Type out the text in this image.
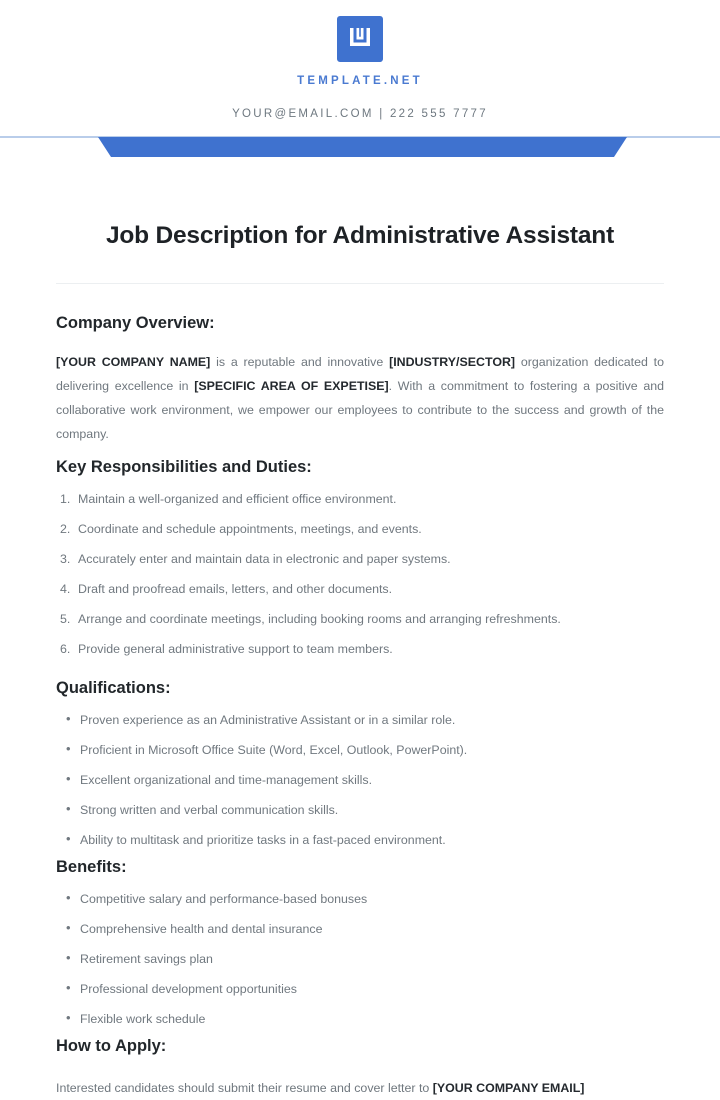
TEMPLATE.NET
YOUR@EMAIL.COM | 222 555 7777
Job Description for Administrative Assistant
Company Overview:

[YOUR COMPANY NAME] is a reputable and innovative [INDUSTRY/SECTOR] organization dedicated to delivering excellence in [SPECIFIC AREA OF EXPETISE]. With a commitment to fostering a positive and collaborative work environment, we empower our employees to contribute to the success and growth of the company.

Key Responsibilities and Duties:
Maintain a well-organized and efficient office environment.
Coordinate and schedule appointments, meetings, and events.
Accurately enter and maintain data in electronic and paper systems.
Draft and proofread emails, letters, and other documents.
Arrange and coordinate meetings, including booking rooms and arranging refreshments.
Provide general administrative support to team members.
Qualifications:
• Proven experience as an Administrative Assistant or in a similar role.
• Proficient in Microsoft Office Suite (Word, Excel, Outlook, PowerPoint).
• Excellent organizational and time-management skills.
• Strong written and verbal communication skills.
• Ability to multitask and prioritize tasks in a fast-paced environment.
Benefits:
• Competitive salary and performance-based bonuses
• Comprehensive health and dental insurance
• Retirement savings plan
• Professional development opportunities
• Flexible work schedule
How to Apply:

Interested candidates should submit their resume and cover letter to [YOUR COMPANY EMAIL]
